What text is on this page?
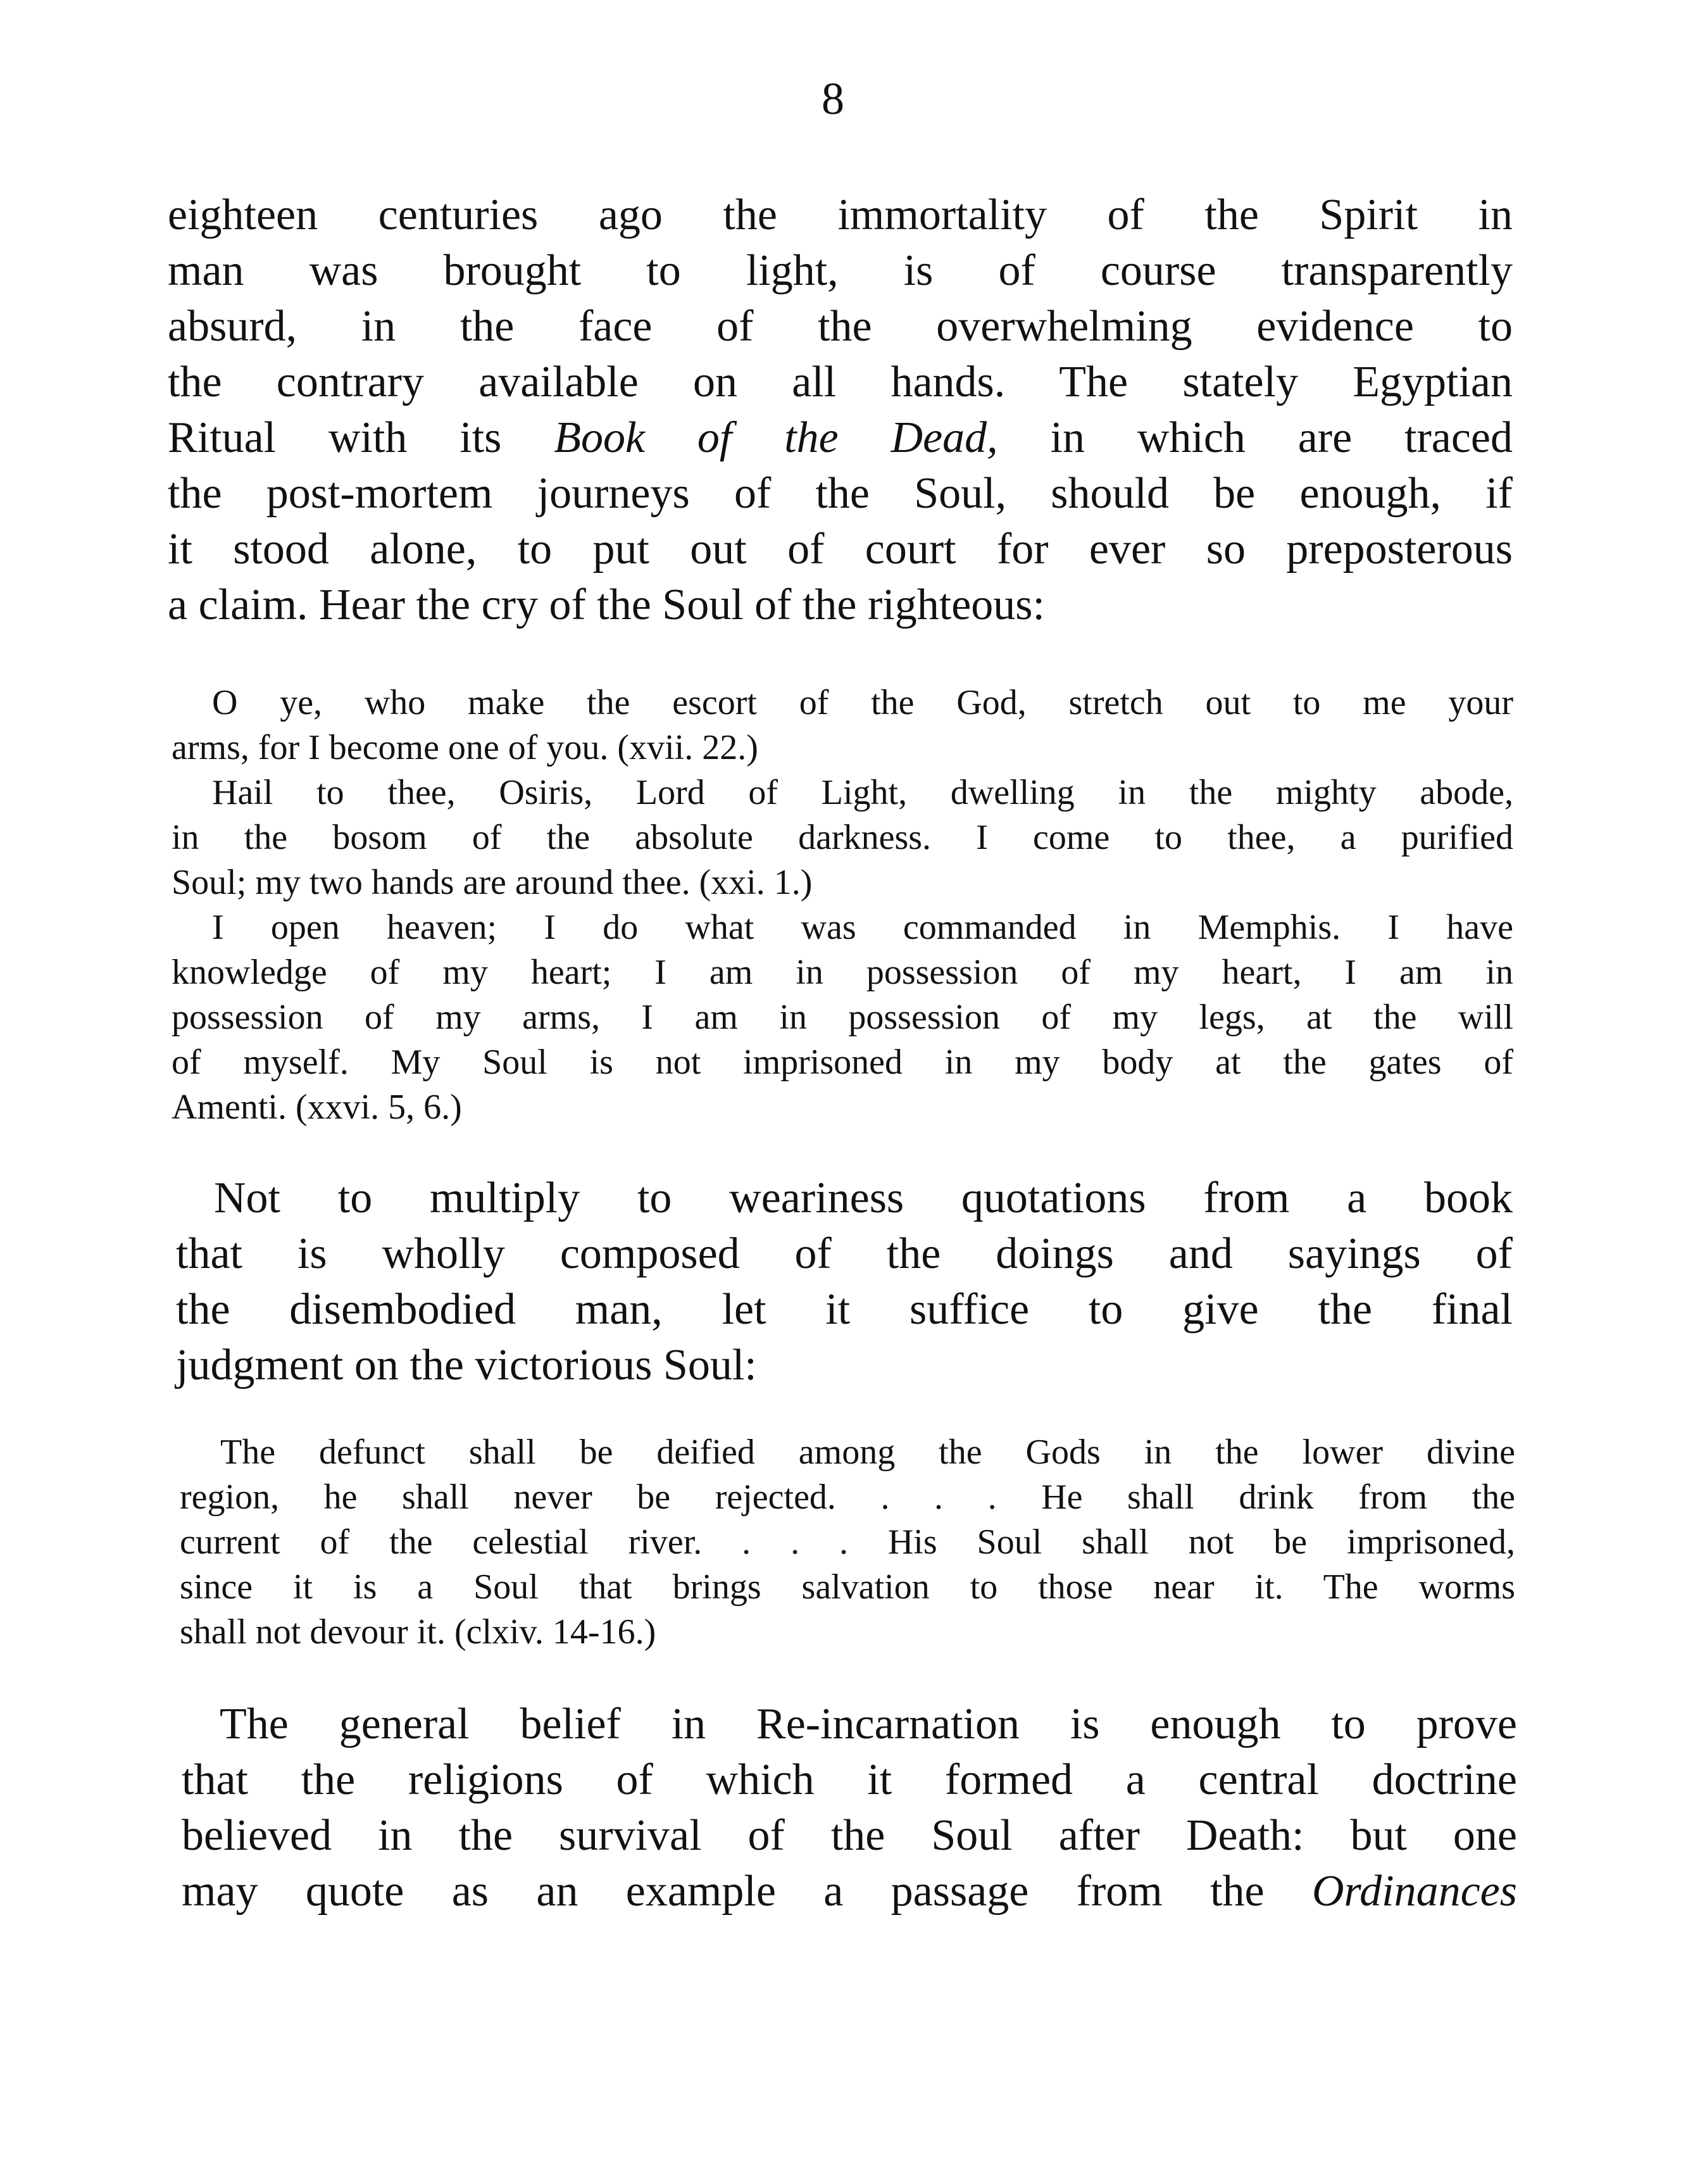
8
eighteen centuries ago the immortality of the Spirit in
man was brought to light, is of course transparently
absurd, in the face of the overwhelming evidence to
the contrary available on all hands. The stately Egyptian
Ritual with its Book of the Dead, in which are traced
the post-mortem journeys of the Soul, should be enough, if
it stood alone, to put out of court for ever so preposterous
a claim. Hear the cry of the Soul of the righteous:
O ye, who make the escort of the God, stretch out to me your
arms, for I become one of you. (xvii. 22.)
Hail to thee, Osiris, Lord of Light, dwelling in the mighty abode,
in the bosom of the absolute darkness. I come to thee, a purified
Soul; my two hands are around thee. (xxi. 1.)
I open heaven; I do what was commanded in Memphis. I have
knowledge of my heart; I am in possession of my heart, I am in
possession of my arms, I am in possession of my legs, at the will
of myself. My Soul is not imprisoned in my body at the gates of
Amenti. (xxvi. 5, 6.)
Not to multiply to weariness quotations from a book
that is wholly composed of the doings and sayings of
the disembodied man, let it suffice to give the final
judgment on the victorious Soul:
The defunct shall be deified among the Gods in the lower divine
region, he shall never be rejected. . . . He shall drink from the
current of the celestial river. . . . His Soul shall not be imprisoned,
since it is a Soul that brings salvation to those near it. The worms
shall not devour it. (clxiv. 14-16.)
The general belief in Re-incarnation is enough to prove
that the religions of which it formed a central doctrine
believed in the survival of the Soul after Death: but one
may quote as an example a passage from the Ordinances
